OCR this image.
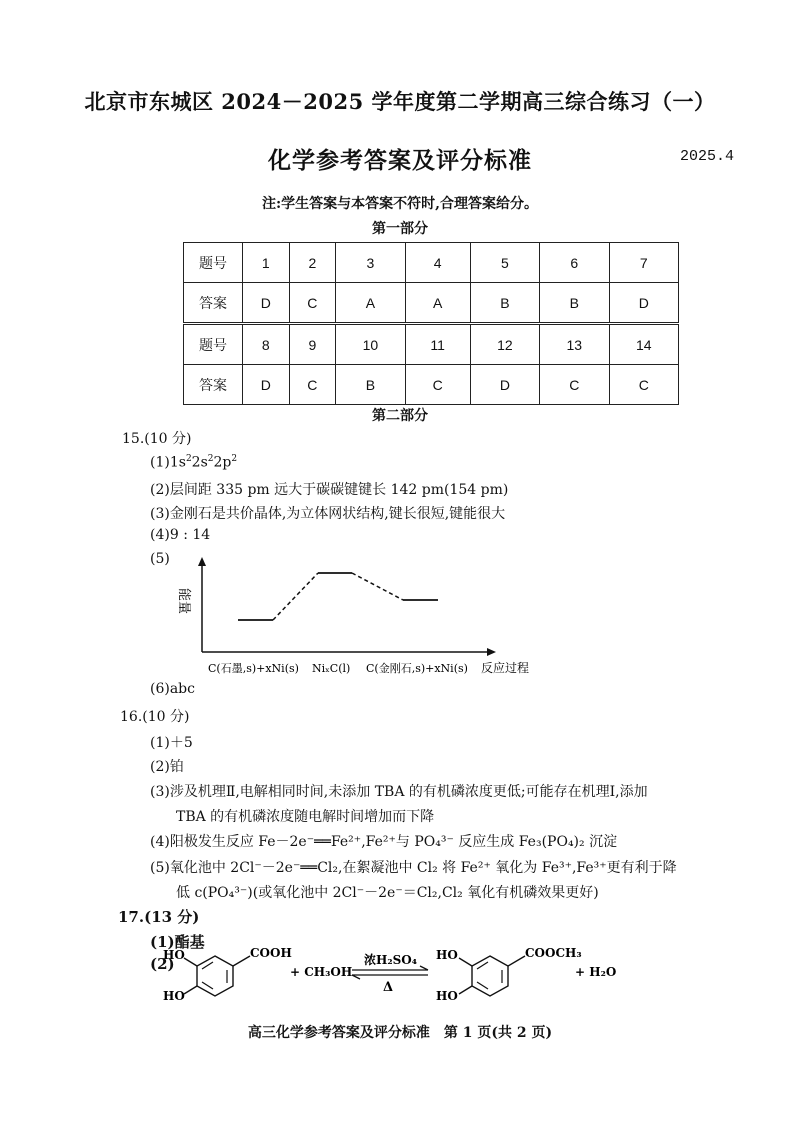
北京市东城区 2024－2025 学年度第二学期高三综合练习（一）
化学参考答案及评分标准	2025.4
注:学生答案与本答案不符时,合理答案给分。
第一部分
题号	1	2	3	4	5	6	7
答案	D	C	A	A	B	B	D
题号	8	9	10	11	12	13	14
答案	D	C	B	C	D	C	C
第二部分
15.(10 分)
$(1)1s^22s^22p^2$
(2)层间距 335 pm 远大于碳碳键键长 142 pm(154 pm)
(3)金刚石是共价晶体,为立体网状结构,键长很短,键能很大
(4)9 : 14
(5)
能量
C(石墨,s)+xNi(s) NiₓC(l) C(金刚石,s)+xNi(s) 反应过程
(6)abc
16.(10 分)
(1)＋5
(2)铂
(3)涉及机理Ⅱ,电解相同时间,未添加 TBA 的有机磷浓度更低;可能存在机理Ⅰ,添加
TBA 的有机磷浓度随电解时间增加而下降
(4)阳极发生反应 Fe－2e⁻══Fe²⁺,Fe²⁺与 PO₄³⁻ 反应生成 Fe₃(PO₄)₂ 沉淀
(5)氧化池中 2Cl⁻－2e⁻══Cl₂,在絮凝池中 Cl₂ 将 Fe²⁺ 氧化为 Fe³⁺,Fe³⁺更有利于降
低 c(PO₄³⁻)(或氧化池中 2Cl⁻－2e⁻＝Cl₂,Cl₂ 氧化有机磷效果更好)
17.(13 分)
(1)酯基
(2)
COOH
HO
HO
+ CH₃OH
浓H₂SO₄
Δ
COOCH₃
HO
HO
+ H₂O
高三化学参考答案及评分标准　第 1 页(共 2 页)
